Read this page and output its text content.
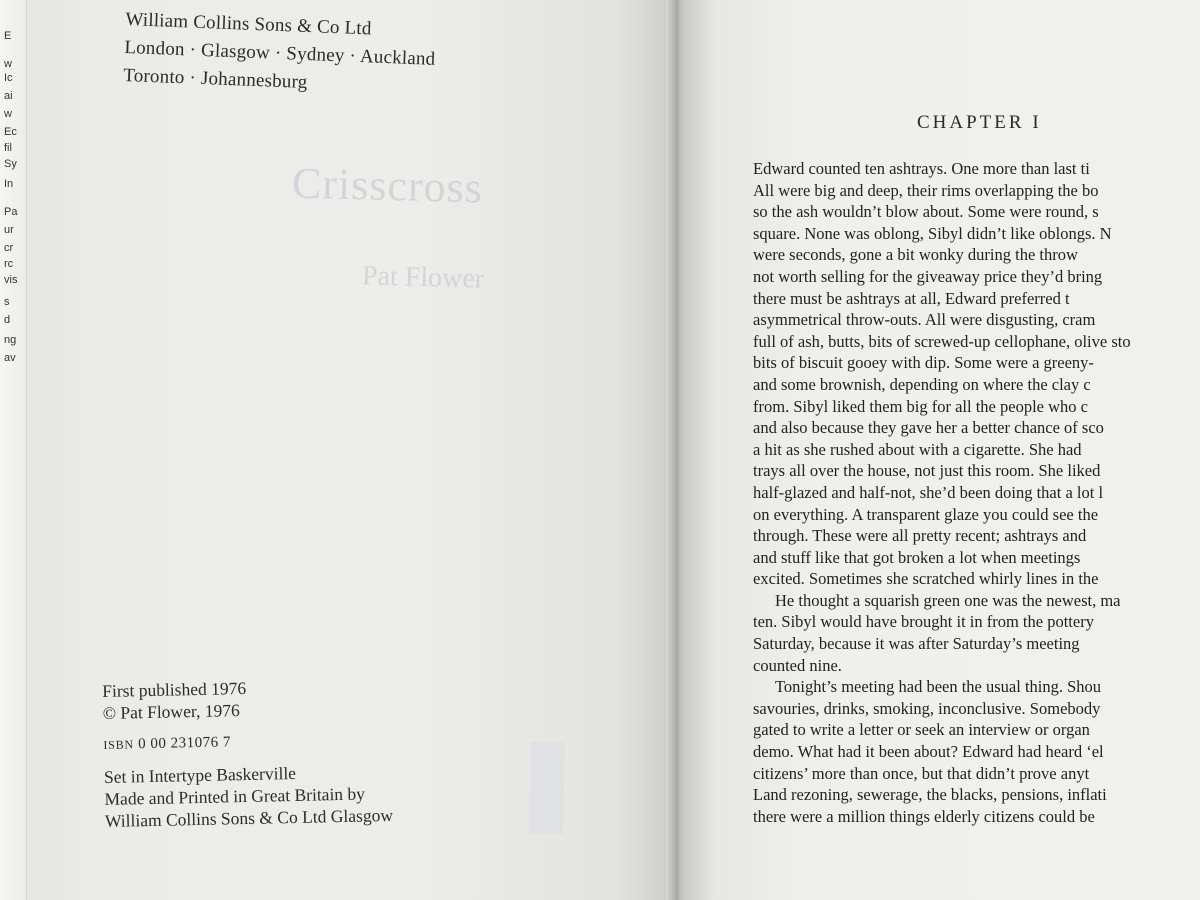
E
w
Ic
ai
w
Ec
fil
Sy
In
Pa
ur
cr
rc
vis
s
d
ng
av
William Collins Sons & Co Ltd
London · Glasgow · Sydney · Auckland
Toronto · Johannesburg
Crisscross
Pat Flower
First published 1976
© Pat Flower, 1976
ISBN 0 00 231076 7
Set in Intertype Baskerville
Made and Printed in Great Britain by
William Collins Sons & Co Ltd Glasgow
CHAPTER I
Edward counted ten ashtrays. One more than last ti
All were big and deep, their rims overlapping the bo
so the ash wouldn’t blow about. Some were round, s
square. None was oblong, Sibyl didn’t like oblongs. N
were seconds, gone a bit wonky during the throw
not worth selling for the giveaway price they’d bring
there must be ashtrays at all, Edward preferred t
asymmetrical throw-outs. All were disgusting, cram
full of ash, butts, bits of screwed-up cellophane, olive sto
bits of biscuit gooey with dip. Some were a greeny-
and some brownish, depending on where the clay c
from. Sibyl liked them big for all the people who c
and also because they gave her a better chance of sco
a hit as she rushed about with a cigarette. She had
trays all over the house, not just this room. She liked
half-glazed and half-not, she’d been doing that a lot l
on everything. A transparent glaze you could see the
through. These were all pretty recent; ashtrays and
and stuff like that got broken a lot when meetings
excited. Sometimes she scratched whirly lines in the
He thought a squarish green one was the newest, ma
ten. Sibyl would have brought it in from the pottery
Saturday, because it was after Saturday’s meeting
counted nine.
Tonight’s meeting had been the usual thing. Shou
savouries, drinks, smoking, inconclusive. Somebody
gated to write a letter or seek an interview or organ
demo. What had it been about? Edward had heard ‘el
citizens’ more than once, but that didn’t prove anyt
Land rezoning, sewerage, the blacks, pensions, inflati
there were a million things elderly citizens could be
